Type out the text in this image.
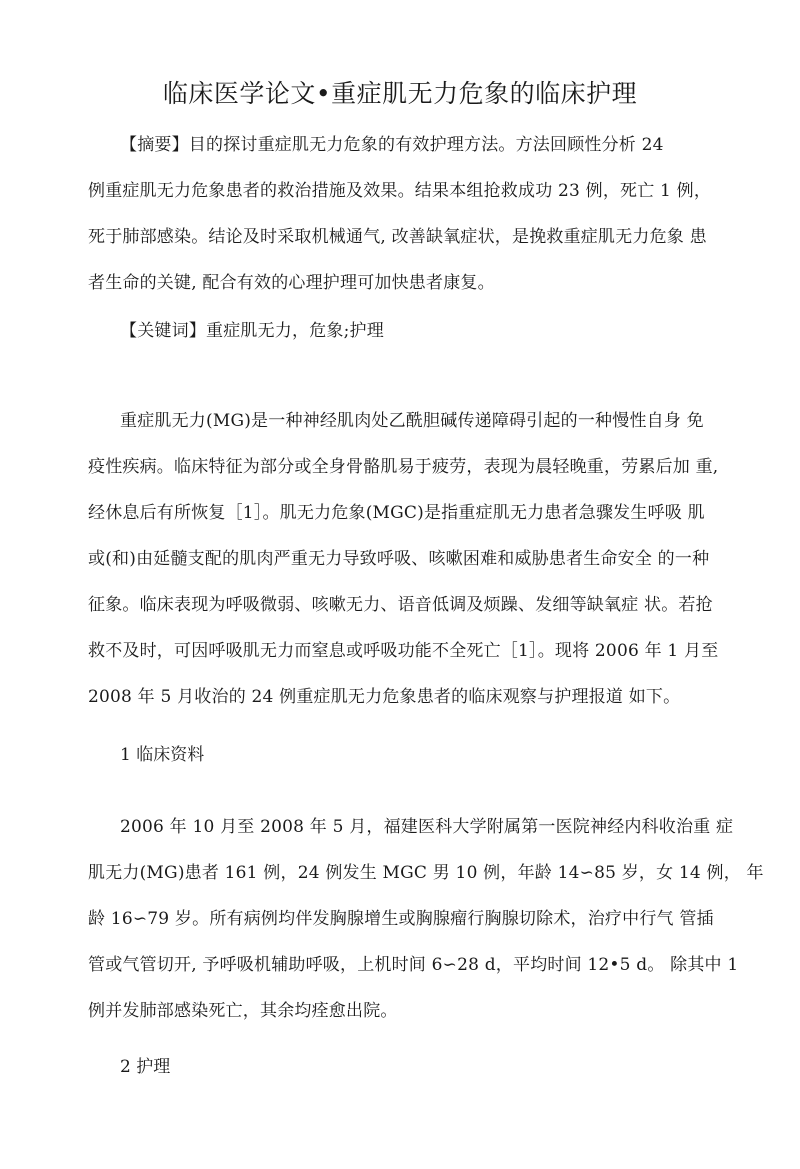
临床医学论文•重症肌无力危象的临床护理
【摘要】目的探讨重症肌无力危象的有效护理方法。方法回顾性分析 24
例重症肌无力危象患者的救治措施及效果。结果本组抢救成功 23 例，死亡 1 例，
死于肺部感染。结论及时采取机械通气, 改善缺氧症状，是挽救重症肌无力危象 患
者生命的关键, 配合有效的心理护理可加快患者康复。
【关键词】重症肌无力，危象;护理
重症肌无力(MG)是一种神经肌肉处乙酰胆碱传递障碍引起的一种慢性自身 免
疫性疾病。临床特征为部分或全身骨骼肌易于疲劳，表现为晨轻晚重，劳累后加 重,
经休息后有所恢复［1］。肌无力危象(MGC)是指重症肌无力患者急骤发生呼吸 肌
或(和)由延髓支配的肌肉严重无力导致呼吸、咳嗽困难和威胁患者生命安全 的一种
征象。临床表现为呼吸微弱、咳嗽无力、语音低调及烦躁、发细等缺氧症 状。若抢
救不及时，可因呼吸肌无力而窒息或呼吸功能不全死亡［1］。现将 2006 年 1 月至
2008 年 5 月收治的 24 例重症肌无力危象患者的临床观察与护理报道 如下。
1 临床资料
2006 年 10 月至 2008 年 5 月，福建医科大学附属第一医院神经内科收治重 症
肌无力(MG)患者 161 例，24 例发生 MGC 男 10 例，年龄 14∽85 岁，女 14 例， 年
龄 16∽79 岁。所有病例均伴发胸腺增生或胸腺瘤行胸腺切除术，治疗中行气 管插
管或气管切开, 予呼吸机辅助呼吸，上机时间 6∽28 d，平均时间 12•5 d。 除其中 1
例并发肺部感染死亡，其余均痊愈出院。
2 护理
